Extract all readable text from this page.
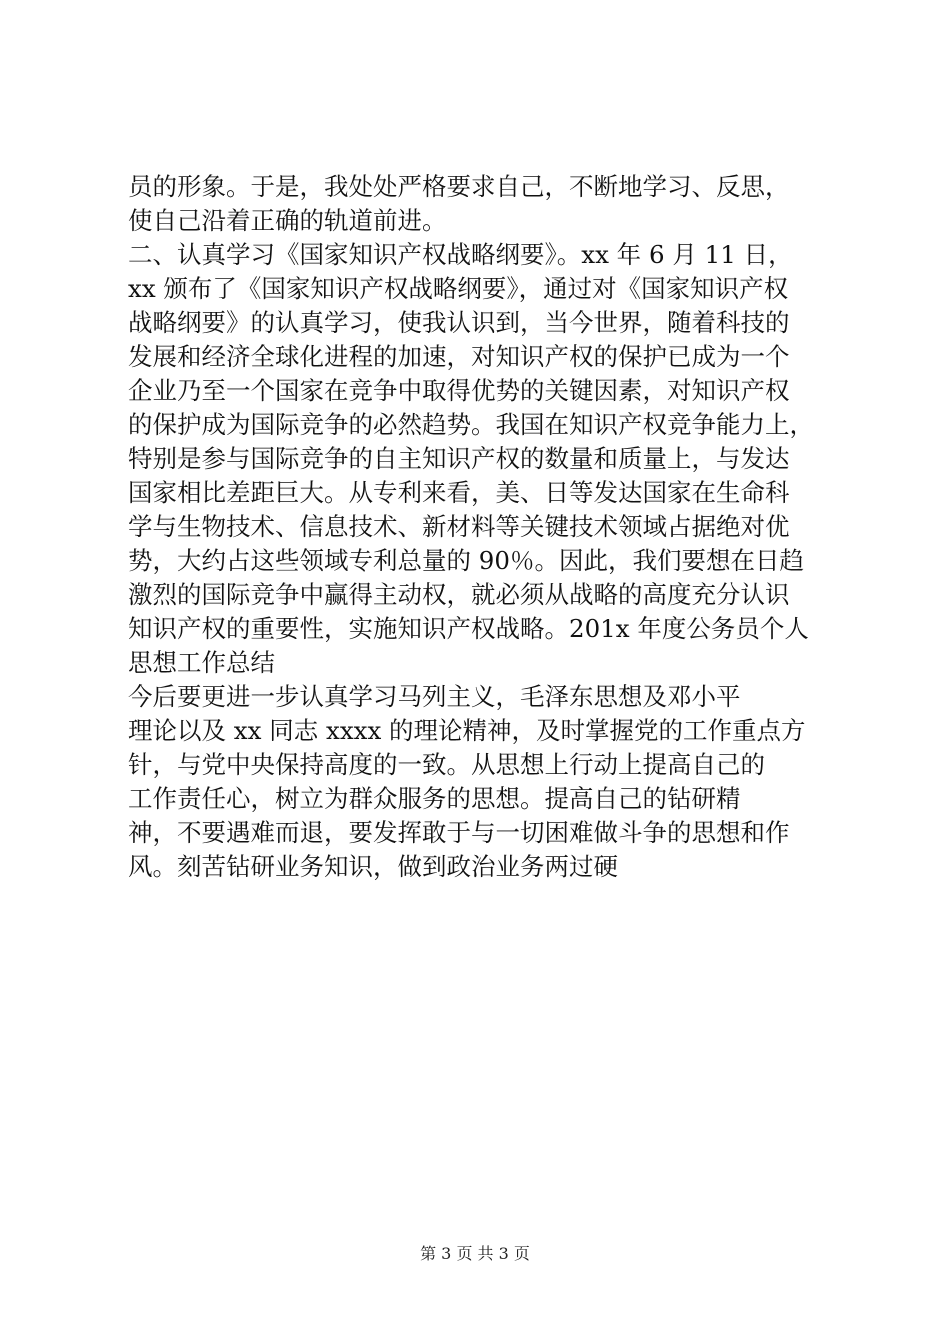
员的形象。于是，我处处严格要求自己，不断地学习、反思，
使自己沿着正确的轨道前进。
二、认真学习《国家知识产权战略纲要》。xx 年 6 月 11 日，
xx 颁布了《国家知识产权战略纲要》，通过对《国家知识产权
战略纲要》的认真学习，使我认识到，当今世界，随着科技的
发展和经济全球化进程的加速，对知识产权的保护已成为一个
企业乃至一个国家在竞争中取得优势的关键因素，对知识产权
的保护成为国际竞争的必然趋势。我国在知识产权竞争能力上，
特别是参与国际竞争的自主知识产权的数量和质量上，与发达
国家相比差距巨大。从专利来看，美、日等发达国家在生命科
学与生物技术、信息技术、新材料等关键技术领域占据绝对优
势，大约占这些领域专利总量的 90％。因此，我们要想在日趋
激烈的国际竞争中赢得主动权，就必须从战略的高度充分认识
知识产权的重要性，实施知识产权战略。201x 年度公务员个人
思想工作总结
今后要更进一步认真学习马列主义，毛泽东思想及邓小平
理论以及 xx 同志 xxxx 的理论精神，及时掌握党的工作重点方
针，与党中央保持高度的一致。从思想上行动上提高自己的
工作责任心，树立为群众服务的思想。提高自己的钻研精
神，不要遇难而退，要发挥敢于与一切困难做斗争的思想和作
风。刻苦钻研业务知识，做到政治业务两过硬
第 3 页 共 3 页
